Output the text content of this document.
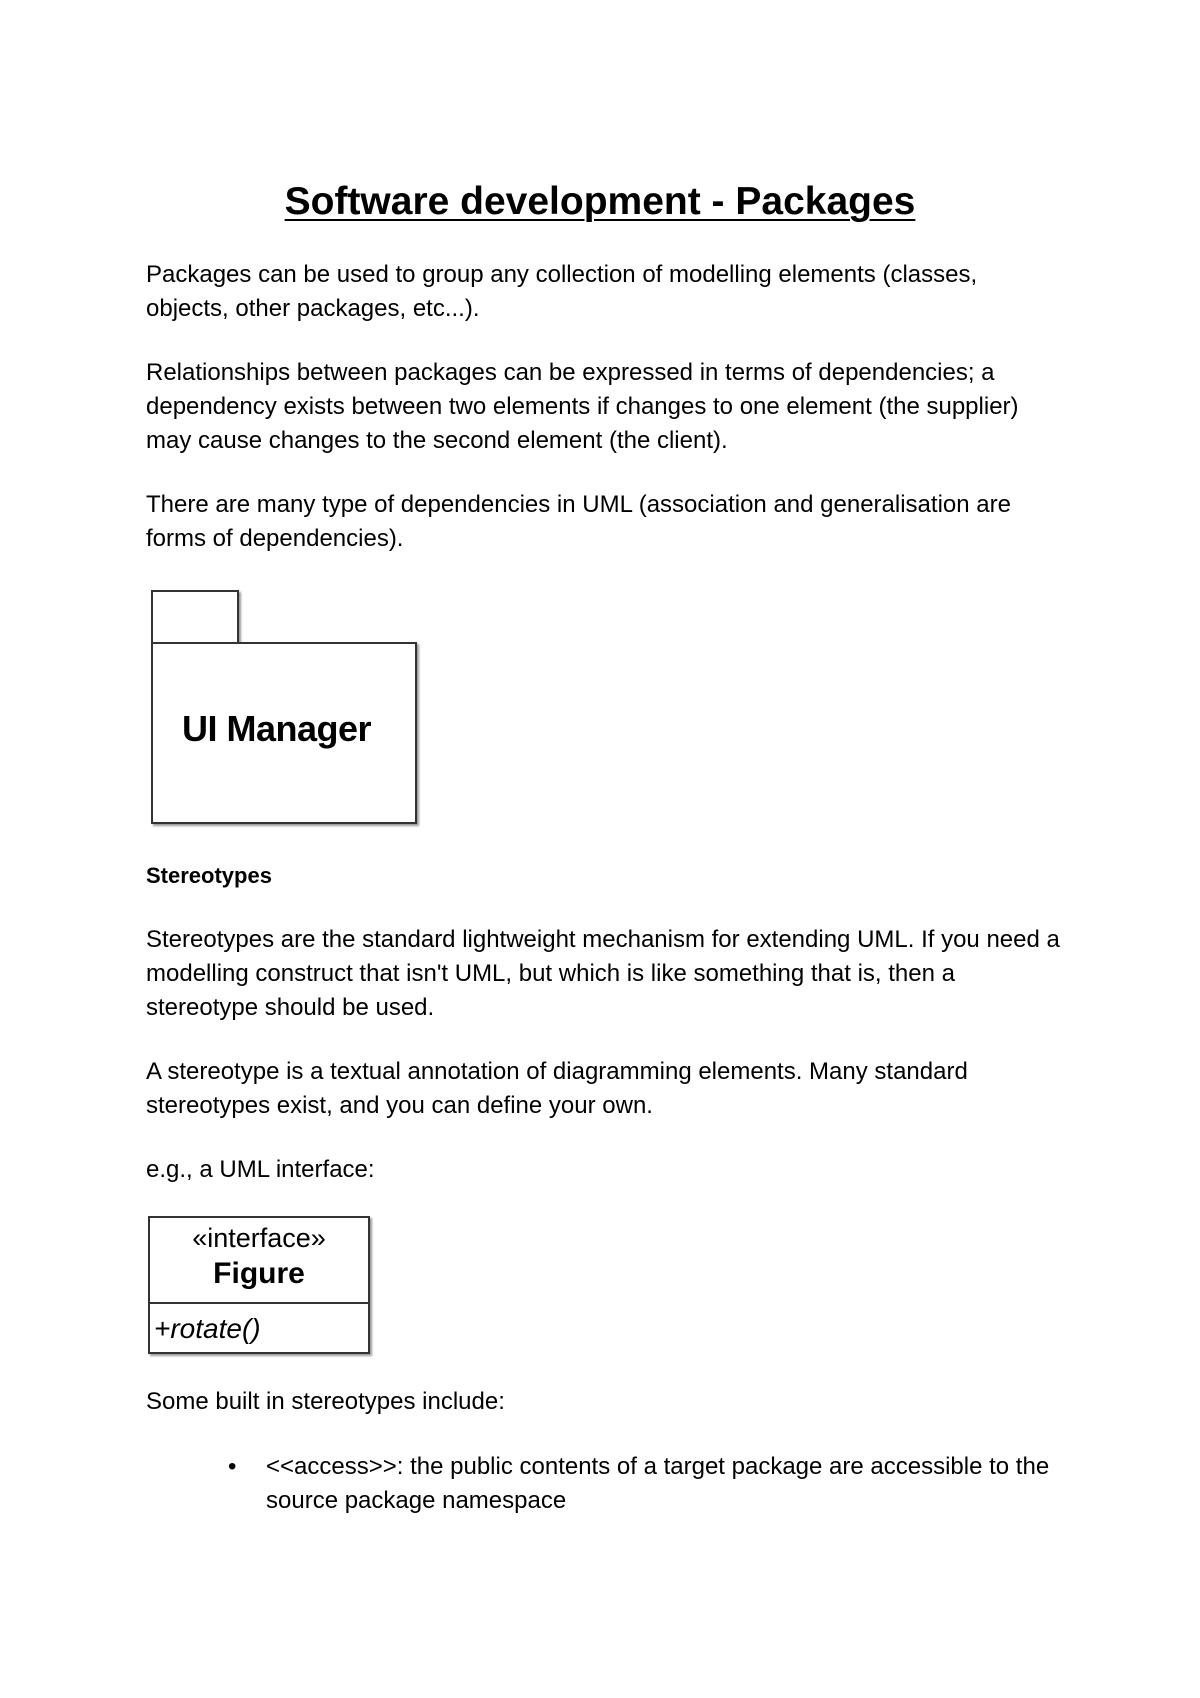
Software development - Packages

Packages can be used to group any collection of modelling elements (classes, objects, other packages, etc...).

Relationships between packages can be expressed in terms of dependencies; a dependency exists between two elements if changes to one element (the supplier) may cause changes to the second element (the client).

There are many type of dependencies in UML (association and generalisation are forms of dependencies).

UI Manager
Stereotypes

Stereotypes are the standard lightweight mechanism for extending UML. If you need a modelling construct that isn't UML, but which is like something that is, then a stereotype should be used.

A stereotype is a textual annotation of diagramming elements. Many standard stereotypes exist, and you can define your own.

e.g., a UML interface:

«interface»
Figure
+rotate()

Some built in stereotypes include:

• <<access>>: the public contents of a target package are accessible to the source package namespace
